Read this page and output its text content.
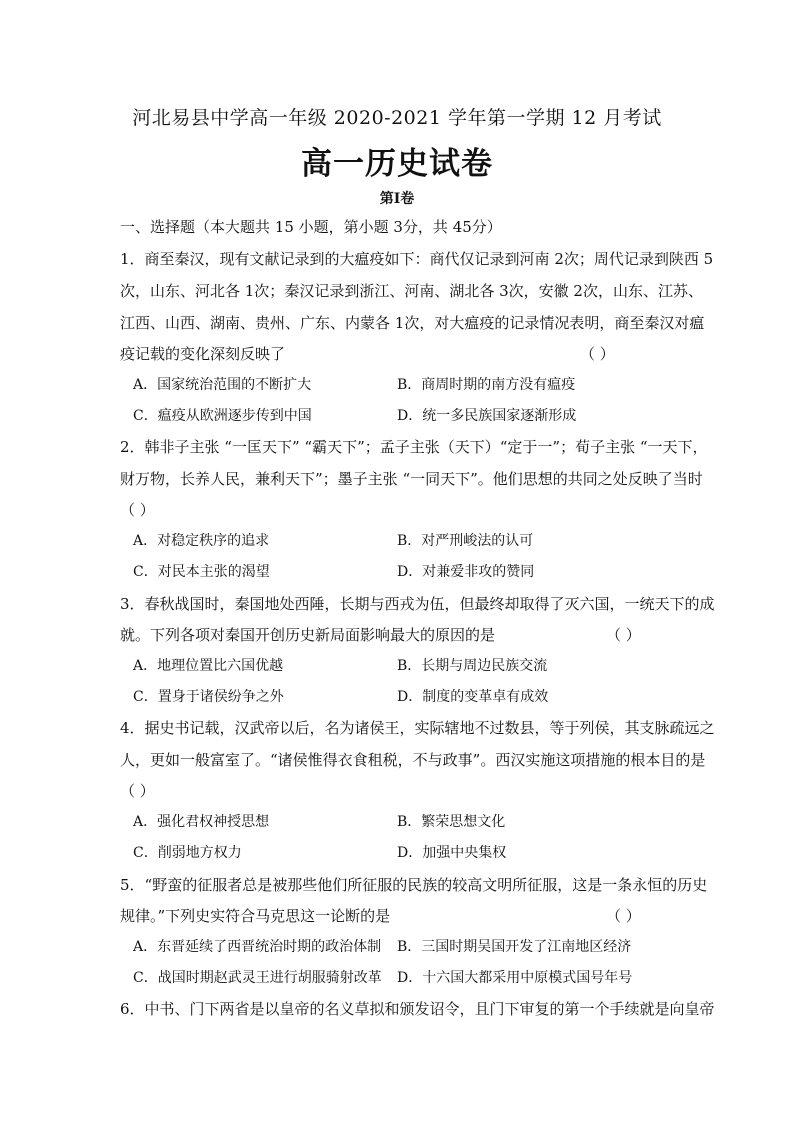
河北易县中学高一年级 2020-2021 学年第一学期 12 月考试
高一历史试卷
第Ⅰ卷
一、选择题（本大题共 15 小题，第小题 3分，共 45分）
1．商至秦汉，现有文献记录到的大瘟疫如下：商代仅记录到河南 2次；周代记录到陕西 5
次，山东、河北各 1次；秦汉记录到浙江、河南、湖北各 3次，安徽 2次，山东、江苏、
江西、山西、湖南、贵州、广东、内蒙各 1次，对大瘟疫的记录情况表明，商至秦汉对瘟
疫记载的变化深刻反映了	（ ）
A．国家统治范围的不断扩大	B．商周时期的南方没有瘟疫
C．瘟疫从欧洲逐步传到中国	D．统一多民族国家逐渐形成
2．韩非子主张 “一匡天下” “霸天下”；孟子主张（天下）“定于一”；荀子主张 “一天下，
财万物，长养人民，兼利天下”；墨子主张 “一同天下”。他们思想的共同之处反映了当时
（ ）
A．对稳定秩序的追求	B．对严刑峻法的认可
C．对民本主张的渴望	D．对兼爱非攻的赞同
3．春秋战国时，秦国地处西陲，长期与西戎为伍，但最终却取得了灭六国，一统天下的成
就。下列各项对秦国开创历史新局面影响最大的原因的是	（ ）
A．地理位置比六国优越	B．长期与周边民族交流
C．置身于诸侯纷争之外	D．制度的变革卓有成效
4．据史书记载，汉武帝以后，名为诸侯王，实际辖地不过数县，等于列侯，其支脉疏远之
人，更如一般富室了。“诸侯惟得衣食租税，不与政事”。西汉实施这项措施的根本目的是
（ ）
A．强化君权神授思想	B．繁荣思想文化
C．削弱地方权力	D．加强中央集权
5．“野蛮的征服者总是被那些他们所征服的民族的较高文明所征服，这是一条永恒的历史
规律。”下列史实符合马克思这一论断的是	（ ）
A．东晋延续了西晋统治时期的政治体制 B．三国时期吴国开发了江南地区经济
C．战国时期赵武灵王进行胡服骑射改革 D．十六国大都采用中原模式国号年号
6．中书、门下两省是以皇帝的名义草拟和颁发诏令，且门下审复的第一个手续就是向皇帝
